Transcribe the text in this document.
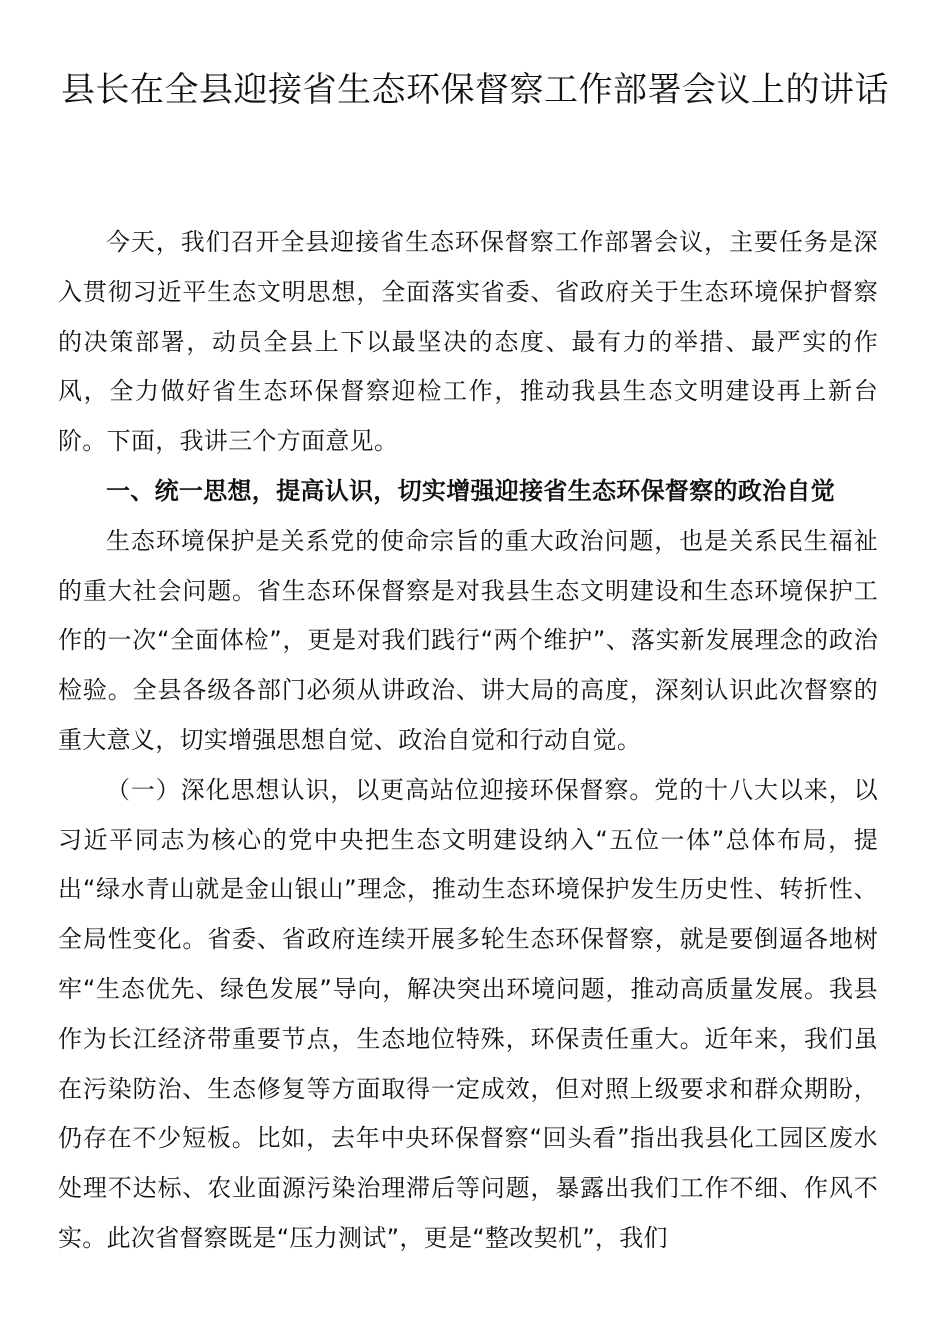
县长在全县迎接省生态环保督察工作部署会议上的讲话

今天，我们召开全县迎接省生态环保督察工作部署会议，主要任务是深入贯彻习近平生态文明思想，全面落实省委、省政府关于生态环境保护督察的决策部署，动员全县上下以最坚决的态度、最有力的举措、最严实的作风，全力做好省生态环保督察迎检工作，推动我县生态文明建设再上新台阶。下面，我讲三个方面意见。

一、统一思想，提高认识，切实增强迎接省生态环保督察的政治自觉

生态环境保护是关系党的使命宗旨的重大政治问题，也是关系民生福祉的重大社会问题。省生态环保督察是对我县生态文明建设和生态环境保护工作的一次“全面体检”，更是对我们践行“两个维护”、落实新发展理念的政治检验。全县各级各部门必须从讲政治、讲大局的高度，深刻认识此次督察的重大意义，切实增强思想自觉、政治自觉和行动自觉。

（一）深化思想认识，以更高站位迎接环保督察。党的十八大以来，以习近平同志为核心的党中央把生态文明建设纳入“五位一体”总体布局，提出“绿水青山就是金山银山”理念，推动生态环境保护发生历史性、转折性、全局性变化。省委、省政府连续开展多轮生态环保督察，就是要倒逼各地树牢“生态优先、绿色发展”导向，解决突出环境问题，推动高质量发展。我县作为长江经济带重要节点，生态地位特殊，环保责任重大。近年来，我们虽在污染防治、生态修复等方面取得一定成效，但对照上级要求和群众期盼，仍存在不少短板。比如，去年中央环保督察“回头看”指出我县化工园区废水处理不达标、农业面源污染治理滞后等问题，暴露出我们工作不细、作风不实。此次省督察既是“压力测试”，更是“整改契机”，我们
